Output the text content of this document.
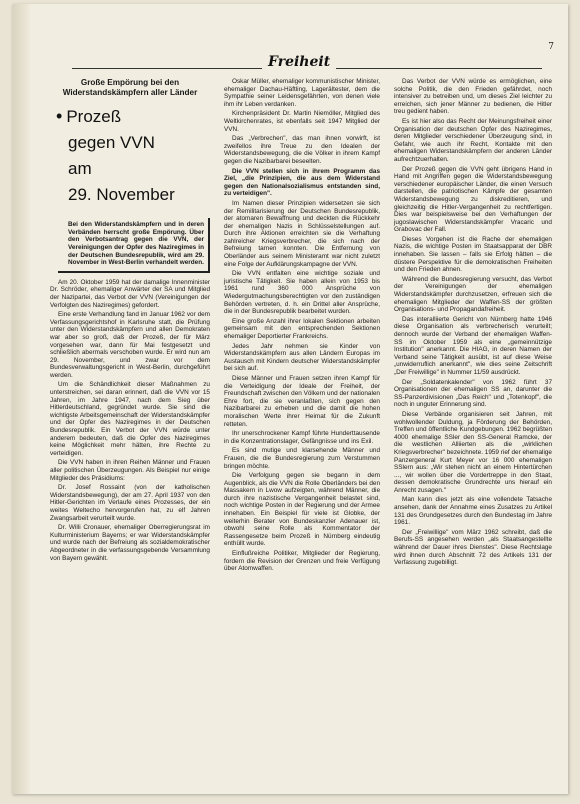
7
Freiheit
Große Empörung bei den Widerstandskämpfern aller Länder
• Prozeß
gegen VVN
am
29. November

Bei den Widerstandskämpfern und in deren Verbänden herrscht große Empörung. Über den Verbotsantrag gegen die VVN, der Vereinigungen der Opfer des Naziregimes in der Deutschen Bundesrepublik, wird am 29. November in West-Berlin verhandelt werden.

Am 20. Oktober 1959 hat der damalige Innenminister Dr. Schröder, ehemaliger Anwärter der SA und Mitglied der Nazipartei, das Verbot der VVN (Vereinigungen der Verfolgten des Naziregimes) gefordert.

Eine erste Verhandlung fand im Januar 1962 vor dem Verfassungsgerichtshof in Karlsruhe statt, die Prüfung unter den Widerstandskämpfern und allen Demokraten war aber so groß, daß der Prozeß, der für März vorgesehen war, dann für Mai festgesetzt und schließlich abermals verschoben wurde. Er wird nun am 29. November, und zwar vor dem Bundesverwaltungsgericht in West-Berlin, durchgeführt werden.

Um die Schändlichkeit dieser Maßnahmen zu unterstreichen, sei daran erinnert, daß die VVN vor 15 Jahren, im Jahre 1947, nach dem Sieg über Hitlerdeutschland, gegründet wurde. Sie sind die wichtigste Arbeitsgemeinschaft der Widerstandskämpfer und der Opfer des Naziregimes in der Deutschen Bundesrepublik. Ein Verbot der VVN würde unter anderem bedeuten, daß die Opfer des Naziregimes keine Möglichkeit mehr hätten, ihre Rechte zu verteidigen.

Die VVN haben in ihren Reihen Männer und Frauen aller politischen Überzeugungen. Als Beispiel nur einige Mitglieder des Präsidiums:

Dr. Josef Rossaint (von der katholischen Widerstandsbewegung), der am 27. April 1937 von den Hitler-Gerichten im Verlaufe eines Prozesses, der ein weites Weltecho hervorgerufen hat, zu elf Jahren Zwangsarbeit verurteilt wurde.

Dr. Willi Cronauer, ehemaliger Oberregierungsrat im Kulturministerium Bayerns; er war Widerstandskämpfer und wurde nach der Befreiung als sozialdemokratischer Abgeordneter in die verfassungsgebende Versammlung von Bayern gewählt.

Oskar Müller, ehemaliger kommunistischer Minister, ehemaliger Dachau-Häftling, Lagerältester, dem die Sympathie seiner Leidensgefährten, von denen viele ihm ihr Leben verdanken.

Kirchenpräsident Dr. Martin Niemöller, Mitglied des Weltkirchenrates, ist ebenfalls seit 1947 Mitglied der VVN.

Das „Verbrechen", das man ihnen vorwirft, ist zweifellos ihre Treue zu den Idealen der Widerstandsbewegung, die die Völker in ihrem Kampf gegen die Nazibarbarei beseelten.

Die VVN stellen sich in ihrem Programm das Ziel, „die Prinzipien, die aus dem Widerstand gegen den Nationalsozialismus entstanden sind, zu verteidigen".

Im Namen dieser Prinzipien widersetzen sie sich der Remilitarisierung der Deutschen Bundesrepublik, der atomaren Bewaffnung und deckten die Rückkehr der ehemaligen Nazis in Schlüsselstellungen auf. Durch ihre Aktionen erreichten sie die Verhaftung zahlreicher Kriegsverbrecher, die sich nach der Befreiung tarnen konnten. Die Entfernung von Oberländer aus seinem Ministeramt war nicht zuletzt eine Folge der Aufklärungskampagne der VVN.

Die VVN entfalten eine wichtige soziale und juristische Tätigkeit. Sie haben allein von 1953 bis 1961 rund 360 000 Ansprüche von Wiedergutmachungsberechtigten vor den zuständigen Behörden vertreten, d. h. ein Drittel aller Ansprüche, die in der Bundesrepublik bearbeitet wurden.

Eine große Anzahl ihrer lokalen Sektionen arbeiten gemeinsam mit den entsprechenden Sektionen ehemaliger Deportierter Frankreichs.

Jedes Jahr nehmen sie Kinder von Widerstandskämpfern aus allen Ländern Europas im Austausch mit Kindern deutscher Widerstandskämpfer bei sich auf.

Diese Männer und Frauen setzen ihren Kampf für die Verteidigung der Ideale der Freiheit, der Freundschaft zwischen den Völkern und der nationalen Ehre fort, die sie veranlaßten, sich gegen den Nazibarbarei zu erheben und die damit die hohen moralischen Werte ihrer Heimat für die Zukunft retteten.

Ihr unerschrockener Kampf führte Hunderttausende in die Konzentrationslager, Gefängnisse und ins Exil.

Es sind mutige und klarsehende Männer und Frauen, die die Bundesregierung zum Verstummen bringen möchte.

Die Verfolgung gegen sie begann in dem Augenblick, als die VVN die Rolle Oberländers bei den Massakern in Lwow aufzeigten, während Männer, die durch ihre nazistische Vergangenheit belastet sind, noch wichtige Posten in der Regierung und der Armee innehaben. Ein Beispiel für viele ist Globke, der weiterhin Berater von Bundeskanzler Adenauer ist, obwohl seine Rolle als Kommentator der Rassengesetze beim Prozeß in Nürnberg eindeutig enthüllt wurde.

Einflußreiche Politiker, Mitglieder der Regierung, fordern die Revision der Grenzen und freie Verfügung über Atomwaffen.

Das Verbot der VVN würde es ermöglichen, eine solche Politik, die den Frieden gefährdet, noch intensiver zu betreiben und, um dieses Ziel leichter zu erreichen, sich jener Männer zu bedienen, die Hitler treu gedient haben.

Es ist hier also das Recht der Meinungsfreiheit einer Organisation der deutschen Opfer des Naziregimes, deren Mitglieder verschiedener Überzeugung sind, in Gefahr, wie auch ihr Recht, Kontakte mit den ehemaligen Widerstandskämpfern der anderen Länder aufrechtzuerhalten.

Der Prozeß gegen die VVN geht übrigens Hand in Hand mit Angriffen gegen die Widerstandsbewegung verschiedener europäischer Länder, die einen Versuch darstellen, die patriotischen Kämpfe der gesamten Widerstandsbewegung zu diskreditieren, und gleichzeitig die Hitler-Vergangenheit zu rechtfertigen. Dies war beispielsweise bei den Verhaftungen der jugoslawischen Widerstandskämpfer Vracaric und Grabovac der Fall.

Dieses Vorgehen ist die Rache der ehemaligen Nazis, die wichtige Posten im Staatsapparat der DBR innehaben. Sie lassen – falls sie Erfolg hätten – die düstere Perspektive für die demokratischen Freiheiten und den Frieden ahnen.

Während die Bundesregierung versucht, das Verbot der Vereinigungen der ehemaligen Widerstandskämpfer durchzusetzen, erfreuen sich die ehemaligen Mitglieder der Waffen-SS der größten Organisations- und Propagandafreiheit.

Das interalliierte Gericht von Nürnberg hatte 1946 diese Organisation als verbrecherisch verurteilt; dennoch wurde der Verband der ehemaligen Waffen-SS im Oktober 1959 als eine „gemeinnützige Institution" anerkannt. Die HIAG, in deren Namen der Verband seine Tätigkeit ausübt, ist auf diese Weise „unwiderruflich anerkannt", wie dies seine Zeitschrift „Der Freiwillige" in Nummer 11/59 ausdrückt.

Der „Soldatenkalender" von 1962 führt 37 Organisationen der ehemaligen SS an, darunter die SS-Panzerdivisionen „Das Reich" und „Totenkopf", die noch in unguter Erinnerung sind.

Diese Verbände organisieren seit Jahren, mit wohlwollender Duldung, ja Förderung der Behörden, Treffen und öffentliche Kundgebungen. 1962 begrüßten 4000 ehemalige SSler den SS-General Ramcke, der die westlichen Alliierten als die „wirklichen Kriegsverbrecher" bezeichnete. 1959 rief der ehemalige Panzergeneral Kurt Meyer vor 16 000 ehemaligen SSlern aus: „Wir stehen nicht an einem Hintertürchen ..., wir wollen über die Vordertreppe in den Staat, dessen demokratische Grundrechte uns hierauf ein Anrecht zusagen."

Man kann dies jetzt als eine vollendete Tatsache ansehen, dank der Annahme eines Zusatzes zu Artikel 131 des Grundgesetzes durch den Bundestag im Jahre 1961.

Der „Freiwillige" vom März 1962 schreibt, daß die Berufs-SS angesehen werden „als Staatsangestellte während der Dauer ihres Dienstes". Diese Rechtslage wird ihnen durch Abschnitt 72 des Artikels 131 der Verfassung zugebilligt.
